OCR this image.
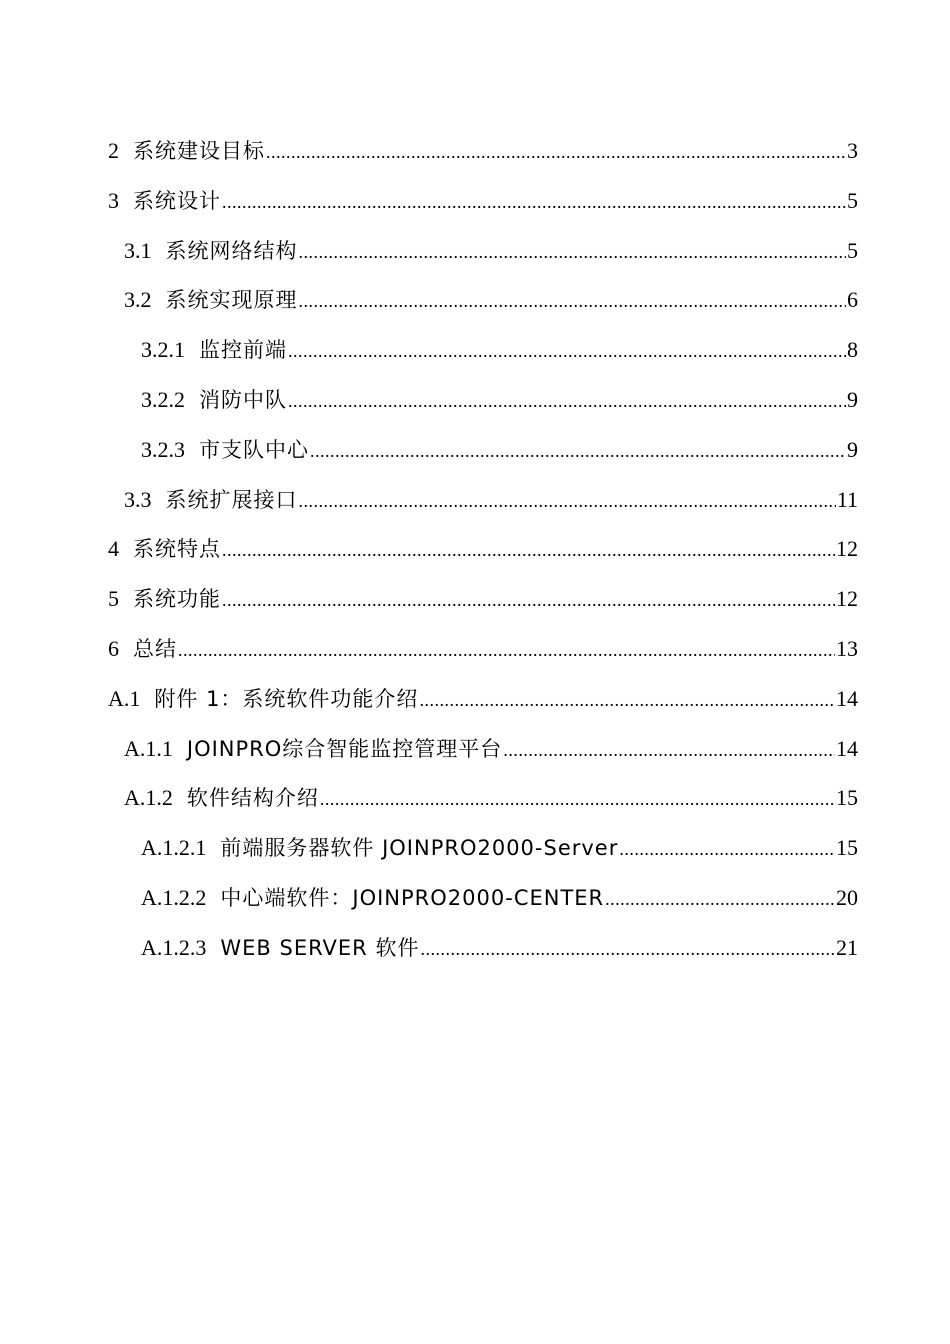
2 系统建设目标 .....	3
3 系统设计 .....	5
3.1 系统网络结构 .....	5
3.2 系统实现原理 .....	6
3.2.1 监控前端 .....	8
3.2.2 消防中队 .....	9
3.2.3 市支队中心 .....	9
3.3 系统扩展接口 .....	11
4 系统特点 .....	12
5 系统功能 .....	12
6 总结 .....	13
A.1 附件 1：系统软件功能介绍 .....	14
A.1.1 JOINPRO综合智能监控管理平台 .....	14
A.1.2 软件结构介绍 .....	15
A.1.2.1 前端服务器软件 JOINPRO2000-Server .....	15
A.1.2.2 中心端软件：JOINPRO2000-CENTER .....	20
A.1.2.3 WEB SERVER 软件 .....	21
